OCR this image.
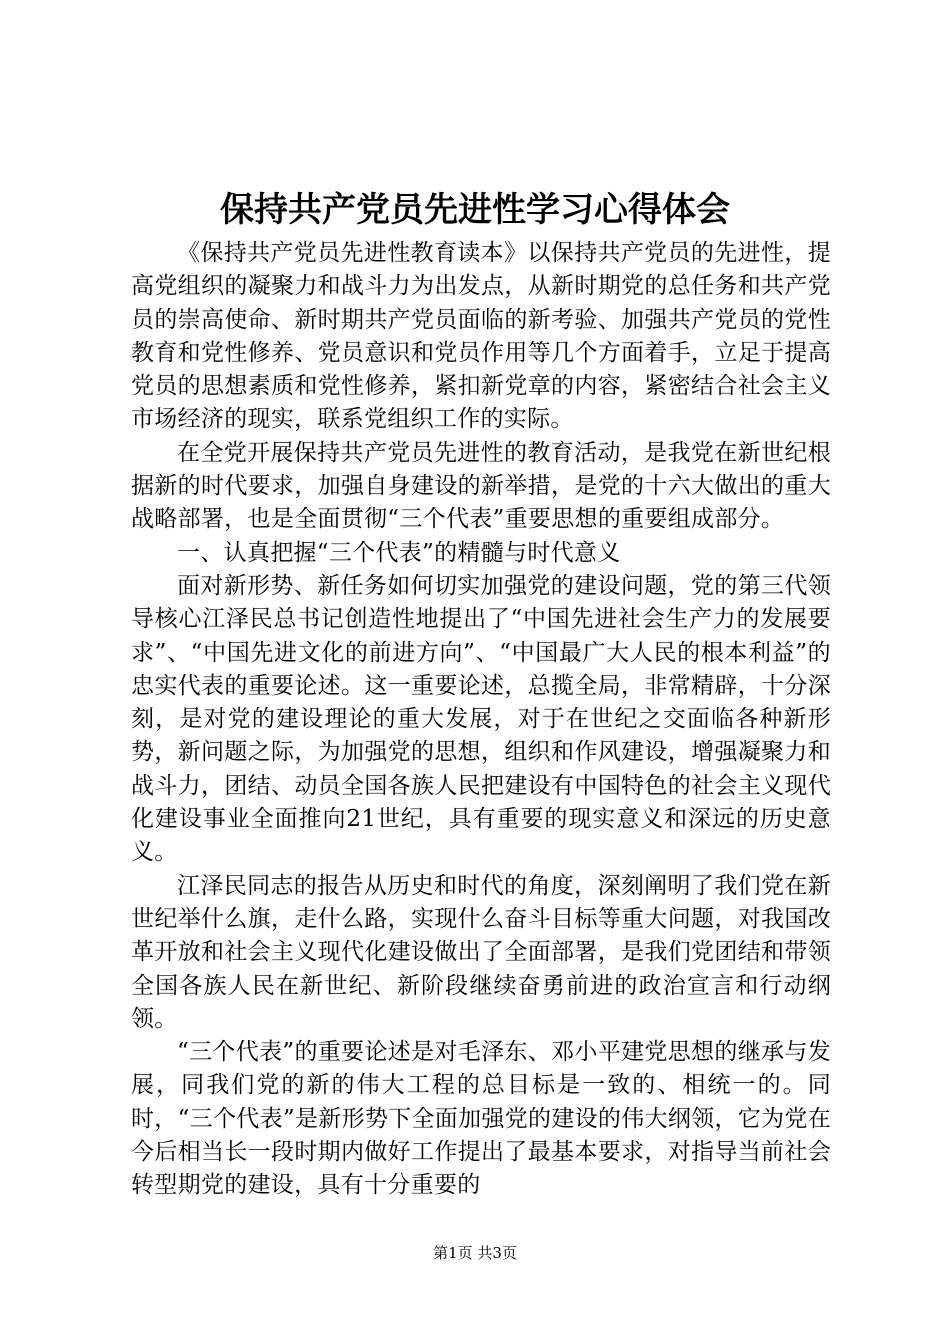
保持共产党员先进性学习心得体会

《保持共产党员先进性教育读本》以保持共产党员的先进性，提高党组织的凝聚力和战斗力为出发点，从新时期党的总任务和共产党员的崇高使命、新时期共产党员面临的新考验、加强共产党员的党性教育和党性修养、党员意识和党员作用等几个方面着手，立足于提高党员的思想素质和党性修养，紧扣新党章的内容，紧密结合社会主义市场经济的现实，联系党组织工作的实际。

在全党开展保持共产党员先进性的教育活动，是我党在新世纪根据新的时代要求，加强自身建设的新举措，是党的十六大做出的重大战略部署，也是全面贯彻“三个代表”重要思想的重要组成部分。

一、认真把握“三个代表”的精髓与时代意义

面对新形势、新任务如何切实加强党的建设问题，党的第三代领导核心江泽民总书记创造性地提出了“中国先进社会生产力的发展要求”、“中国先进文化的前进方向”、“中国最广大人民的根本利益”的忠实代表的重要论述。这一重要论述，总揽全局，非常精辟，十分深刻，是对党的建设理论的重大发展，对于在世纪之交面临各种新形势，新问题之际，为加强党的思想，组织和作风建设，增强凝聚力和战斗力，团结、动员全国各族人民把建设有中国特色的社会主义现代化建设事业全面推向21世纪，具有重要的现实意义和深远的历史意义。

江泽民同志的报告从历史和时代的角度，深刻阐明了我们党在新世纪举什么旗，走什么路，实现什么奋斗目标等重大问题，对我国改革开放和社会主义现代化建设做出了全面部署，是我们党团结和带领全国各族人民在新世纪、新阶段继续奋勇前进的政治宣言和行动纲领。

“三个代表”的重要论述是对毛泽东、邓小平建党思想的继承与发展，同我们党的新的伟大工程的总目标是一致的、相统一的。同时，“三个代表”是新形势下全面加强党的建设的伟大纲领，它为党在今后相当长一段时期内做好工作提出了最基本要求，对指导当前社会转型期党的建设，具有十分重要的

第1页 共3页
